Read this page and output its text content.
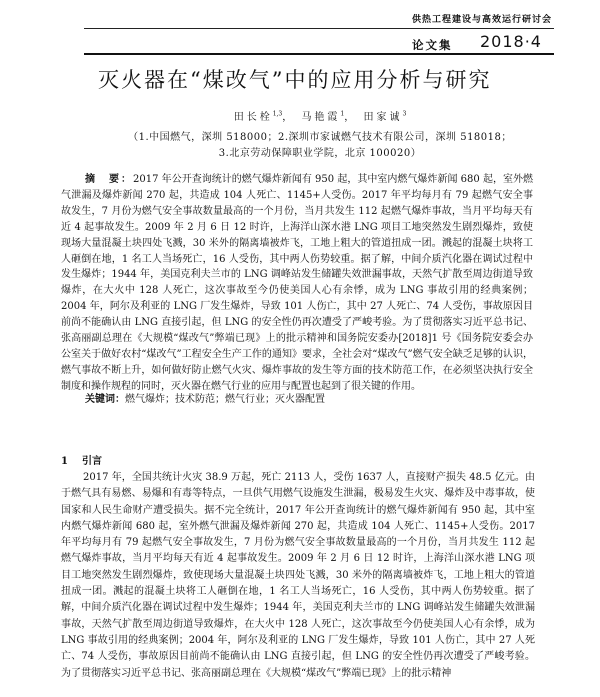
供热工程建设与高效运行研讨会
论文集 2018·4
灭火器在“煤改气”中的应用分析与研究
田长栓$^{1,3}$， 马艳霞$^1$， 田家诚$^3$
（1.中国燃气，深圳 518000；2.深圳市家诚燃气技术有限公司，深圳 518018；
3.北京劳动保障职业学院，北京 100020）
摘　要：2017 年公开查询统计的燃气爆炸新闻有 950 起，其中室内燃气爆炸新闻 680 起，室外燃气泄漏及爆炸新闻 270 起，共造成 104 人死亡、1145+人受伤。2017 年平均每月有 79 起燃气安全事故发生，7 月份为燃气安全事故数量最高的一个月份，当月共发生 112 起燃气爆炸事故，当月平均每天有近 4 起事故发生。2009 年 2 月 6 日 12 时许，上海洋山深水港 LNG 项目工地突然发生剧烈爆炸，致使现场大量混凝土块四处飞溅，30 米外的隔离墙被炸飞，工地上粗大的管道扭成一团。溅起的混凝土块将工人砸倒在地，1 名工人当场死亡，16 人受伤，其中两人伤势较重。据了解，中间介质汽化器在调试过程中发生爆炸；1944 年，美国克利夫兰市的 LNG 调峰站发生储罐失效泄漏事故，天然气扩散至周边街道导致爆炸，在大火中 128 人死亡，这次事故至今仍使美国人心有余悸，成为 LNG 事故引用的经典案例； 2004 年，阿尔及利亚的 LNG 厂发生爆炸，导致 101 人伤亡，其中 27 人死亡、74 人受伤，事故原因目前尚不能确认由 LNG 直接引起，但 LNG 的安全性仍再次遭受了严峻考验。为了贯彻落实习近平总书记、张高丽副总理在《大规模“煤改气”弊端已现》上的批示精神和国务院安委办[2018]1 号《国务院安委会办公室关于做好农村“煤改气”工程安全生产工作的通知》要求，全社会对“煤改气”燃气安全缺乏足够的认识，燃气事故不断上升，如何做好防止燃气火灾、爆炸事故的发生等方面的技术防范工作，在必须坚决执行安全制度和操作规程的同时，灭火器在燃气行业的应用与配置也起到了很关键的作用。
关键词：燃气爆炸；技术防范；燃气行业；灭火器配置
1 引言
2017 年，全国共统计火灾 38.9 万起，死亡 2113 人，受伤 1637 人，直接财产损失 48.5 亿元。由于燃气具有易燃、易爆和有毒等特点，一旦供气用燃气设施发生泄漏，极易发生火灾、爆炸及中毒事故，使国家和人民生命财产遭受损失。据不完全统计，2017 年公开查询统计的燃气爆炸新闻有 950 起，其中室内燃气爆炸新闻 680 起，室外燃气泄漏及爆炸新闻 270 起，共造成 104 人死亡、1145+人受伤。2017 年平均每月有 79 起燃气安全事故发生，7 月份为燃气安全事故数量最高的一个月份，当月共发生 112 起燃气爆炸事故，当月平均每天有近 4 起事故发生。2009 年 2 月 6 日 12 时许，上海洋山深水港 LNG 项目工地突然发生剧烈爆炸，致使现场大量混凝土块四处飞溅，30 米外的隔离墙被炸飞，工地上粗大的管道扭成一团。溅起的混凝土块将工人砸倒在地，1 名工人当场死亡，16 人受伤，其中两人伤势较重。据了解，中间介质汽化器在调试过程中发生爆炸；1944 年，美国克利夫兰市的 LNG 调峰站发生储罐失效泄漏事故，天然气扩散至周边街道导致爆炸，在大火中 128 人死亡，这次事故至今仍使美国人心有余悸，成为 LNG 事故引用的经典案例；2004 年，阿尔及利亚的 LNG 厂发生爆炸，导致 101 人伤亡，其中 27 人死亡、74 人受伤，事故原因目前尚不能确认由 LNG 直接引起，但 LNG 的安全性仍再次遭受了严峻考验。为了贯彻落实习近平总书记、张高丽副总理在《大规模“煤改气”弊端已现》上的批示精神
